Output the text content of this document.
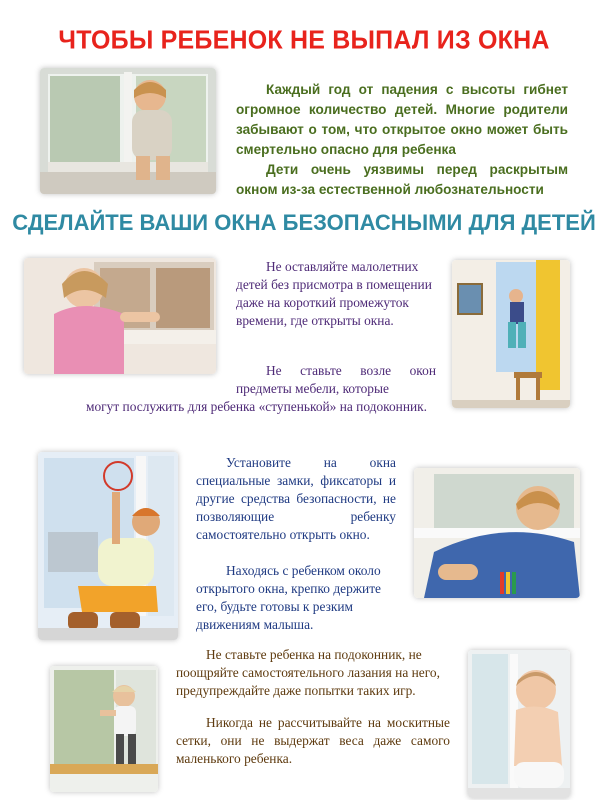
ЧТОБЫ РЕБЕНОК НЕ ВЫПАЛ ИЗ ОКНА

Каждый год от падения с высоты гибнет огромное количество детей. Многие родители забывают о том, что открытое окно может быть смертельно опасно для ребенка

Дети очень уязвимы перед раскрытым окном из-за естественной любознательности

СДЕЛАЙТЕ ВАШИ ОКНА БЕЗОПАСНЫМИ ДЛЯ ДЕТЕЙ

Не оставляйте малолетних детей без присмотра в помещении даже на короткий промежуток времени, где открыты окна.

Не ставьте возле окон предметы мебели, которые
могут послужить для ребенка «ступенькой» на подоконник.

Установите на окна специальные замки, фиксаторы и другие средства безопасности, не позволяющие ребенку самостоятельно открыть окно.

Находясь с ребенком около открытого окна, крепко держите его, будьте готовы к резким движениям малыша.

Не ставьте ребенка на подоконник, не поощряйте самостоятельного лазания на него, предупреждайте даже попытки таких игр.

Никогда не рассчитывайте на москитные сетки, они не выдержат веса даже самого маленького ребенка.
